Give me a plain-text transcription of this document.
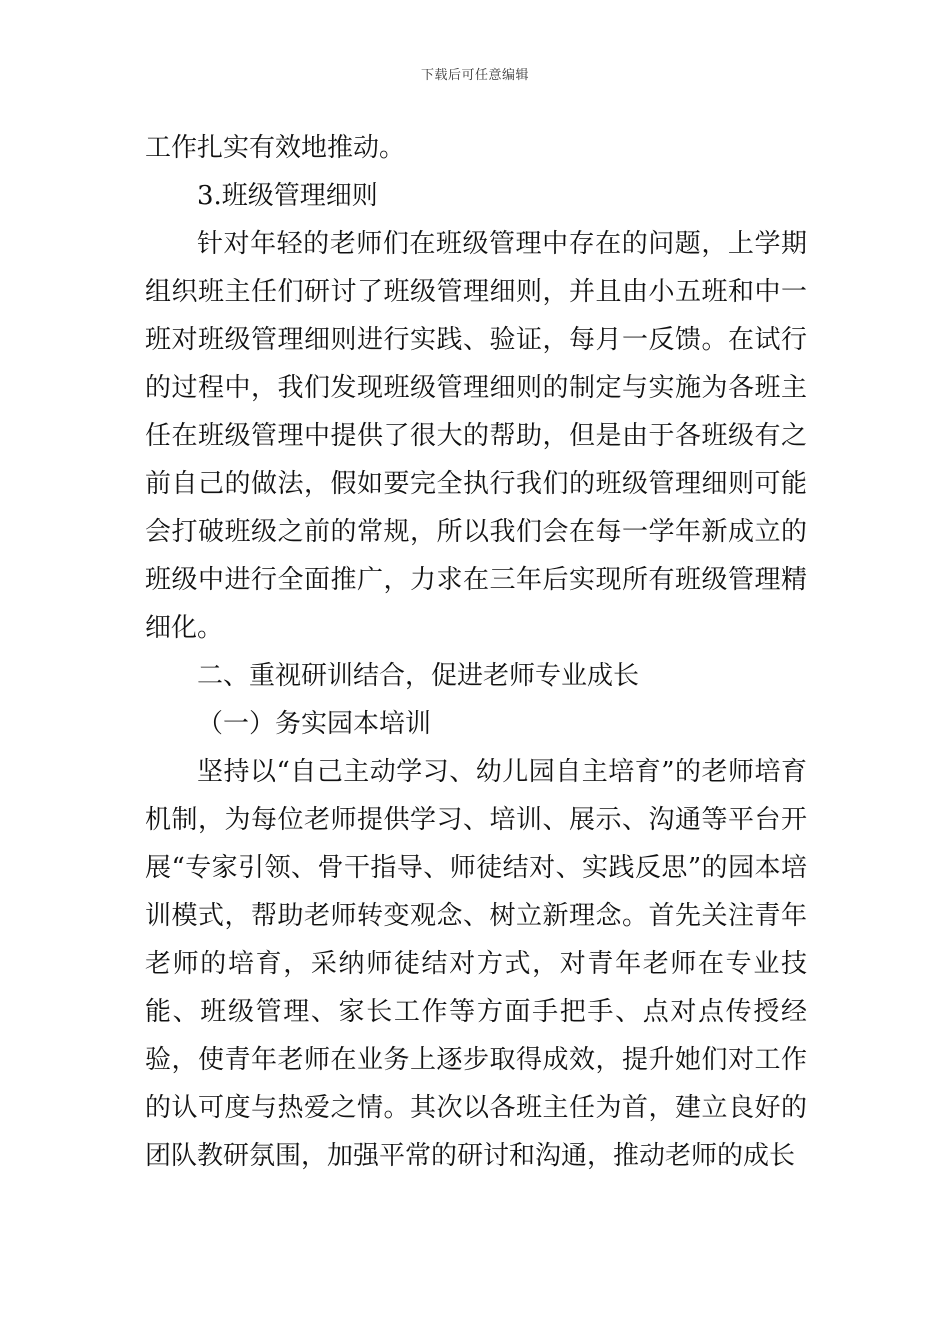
下载后可任意编辑

工作扎实有效地推动。

3.班级管理细则

针对年轻的老师们在班级管理中存在的问题，上学期组织班主任们研讨了班级管理细则，并且由小五班和中一班对班级管理细则进行实践、验证，每月一反馈。在试行的过程中，我们发现班级管理细则的制定与实施为各班主任在班级管理中提供了很大的帮助，但是由于各班级有之前自己的做法，假如要完全执行我们的班级管理细则可能会打破班级之前的常规，所以我们会在每一学年新成立的班级中进行全面推广，力求在三年后实现所有班级管理精细化。

二、重视研训结合，促进老师专业成长

（一）务实园本培训

坚持以“自己主动学习、幼儿园自主培育”的老师培育机制，为每位老师提供学习、培训、展示、沟通等平台开展“专家引领、骨干指导、师徒结对、实践反思”的园本培训模式，帮助老师转变观念、树立新理念。首先关注青年老师的培育，采纳师徒结对方式，对青年老师在专业技能、班级管理、家长工作等方面手把手、点对点传授经验，使青年老师在业务上逐步取得成效，提升她们对工作的认可度与热爱之情。其次以各班主任为首，建立良好的团队教研氛围，加强平常的研讨和沟通，推动老师的成长
